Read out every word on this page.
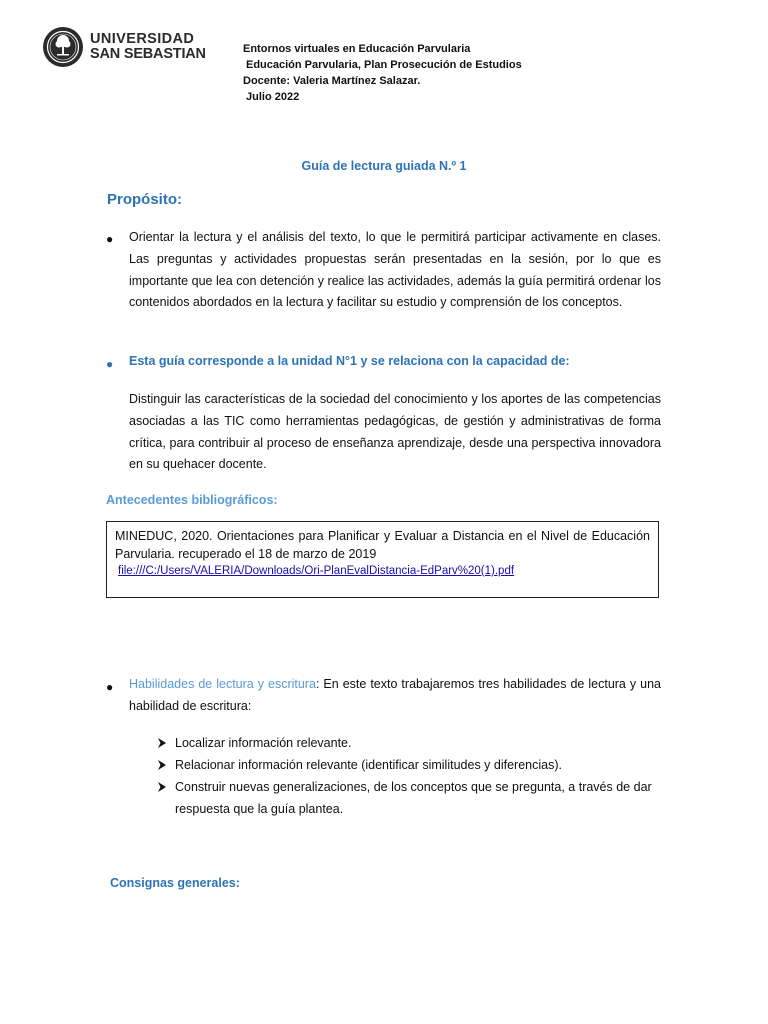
UNIVERSIDAD
SAN SEBASTIAN	Entornos virtuales en Educación Parvularia
Educación Parvularia, Plan Prosecución de Estudios
Docente: Valeria Martínez Salazar.
Julio 2022
Guía de lectura guiada N.º 1
Propósito:
● Orientar la lectura y el análisis del texto, lo que le permitirá participar activamente en clases. Las preguntas y actividades propuestas serán presentadas en la sesión, por lo que es importante que lea con detención y realice las actividades, además la guía permitirá ordenar los contenidos abordados en la lectura y facilitar su estudio y comprensión de los conceptos.
● Esta guía corresponde a la unidad N°1 y se relaciona con la capacidad de:
Distinguir las características de la sociedad del conocimiento y los aportes de las competencias asociadas a las TIC como herramientas pedagógicas, de gestión y administrativas de forma crítica, para contribuir al proceso de enseñanza aprendizaje, desde una perspectiva innovadora en su quehacer docente.
Antecedentes bibliográficos:
MINEDUC, 2020. Orientaciones para Planificar y Evaluar a Distancia en el Nivel de Educación Parvularia. recuperado el 18 de marzo de 2019
file:///C:/Users/VALERIA/Downloads/Ori-PlanEvalDistancia-EdParv%20(1).pdf
● Habilidades de lectura y escritura: En este texto trabajaremos tres habilidades de lectura y una habilidad de escritura:
Localizar información relevante.
Relacionar información relevante (identificar similitudes y diferencias).
Construir nuevas generalizaciones, de los conceptos que se pregunta, a través de dar respuesta que la guía plantea.
Consignas generales:
